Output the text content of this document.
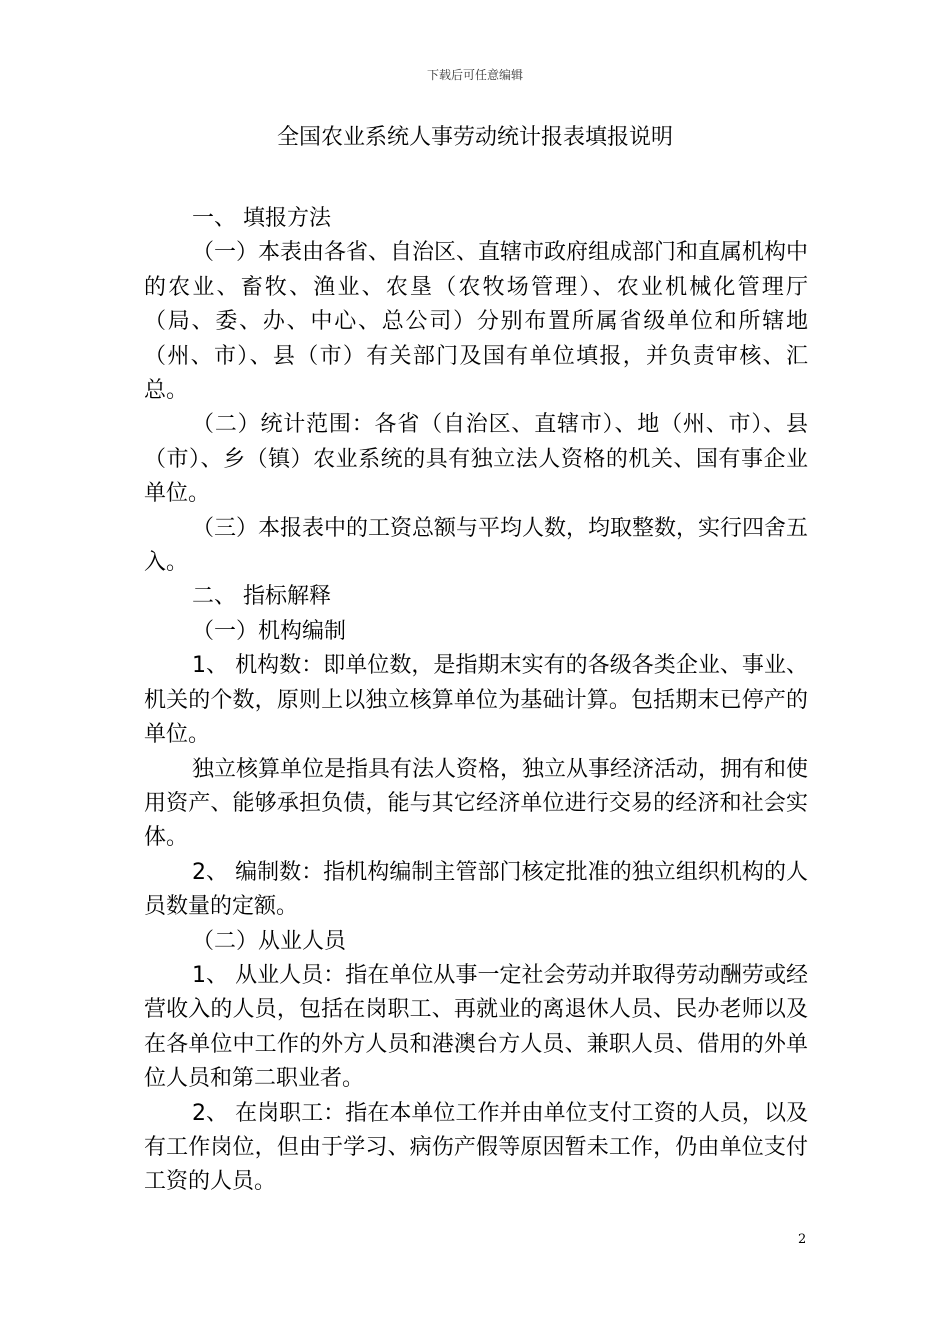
下载后可任意编辑
全国农业系统人事劳动统计报表填报说明

一、 填报方法

（一）本表由各省、自治区、直辖市政府组成部门和直属机构中的农业、畜牧、渔业、农垦（农牧场管理）、农业机械化管理厅（局、委、办、中心、总公司）分别布置所属省级单位和所辖地（州、市）、县（市）有关部门及国有单位填报，并负责审核、汇总。

（二）统计范围：各省（自治区、直辖市）、地（州、市）、县（市）、乡（镇）农业系统的具有独立法人资格的机关、国有事企业单位。

（三）本报表中的工资总额与平均人数，均取整数，实行四舍五入。

二、 指标解释

（一）机构编制

1、 机构数：即单位数，是指期末实有的各级各类企业、事业、机关的个数，原则上以独立核算单位为基础计算。包括期末已停产的单位。

独立核算单位是指具有法人资格，独立从事经济活动，拥有和使用资产、能够承担负债，能与其它经济单位进行交易的经济和社会实体。

2、 编制数：指机构编制主管部门核定批准的独立组织机构的人员数量的定额。

（二）从业人员

1、 从业人员：指在单位从事一定社会劳动并取得劳动酬劳或经营收入的人员，包括在岗职工、再就业的离退休人员、民办老师以及在各单位中工作的外方人员和港澳台方人员、兼职人员、借用的外单位人员和第二职业者。

2、 在岗职工：指在本单位工作并由单位支付工资的人员，以及有工作岗位，但由于学习、病伤产假等原因暂未工作，仍由单位支付工资的人员。

2
